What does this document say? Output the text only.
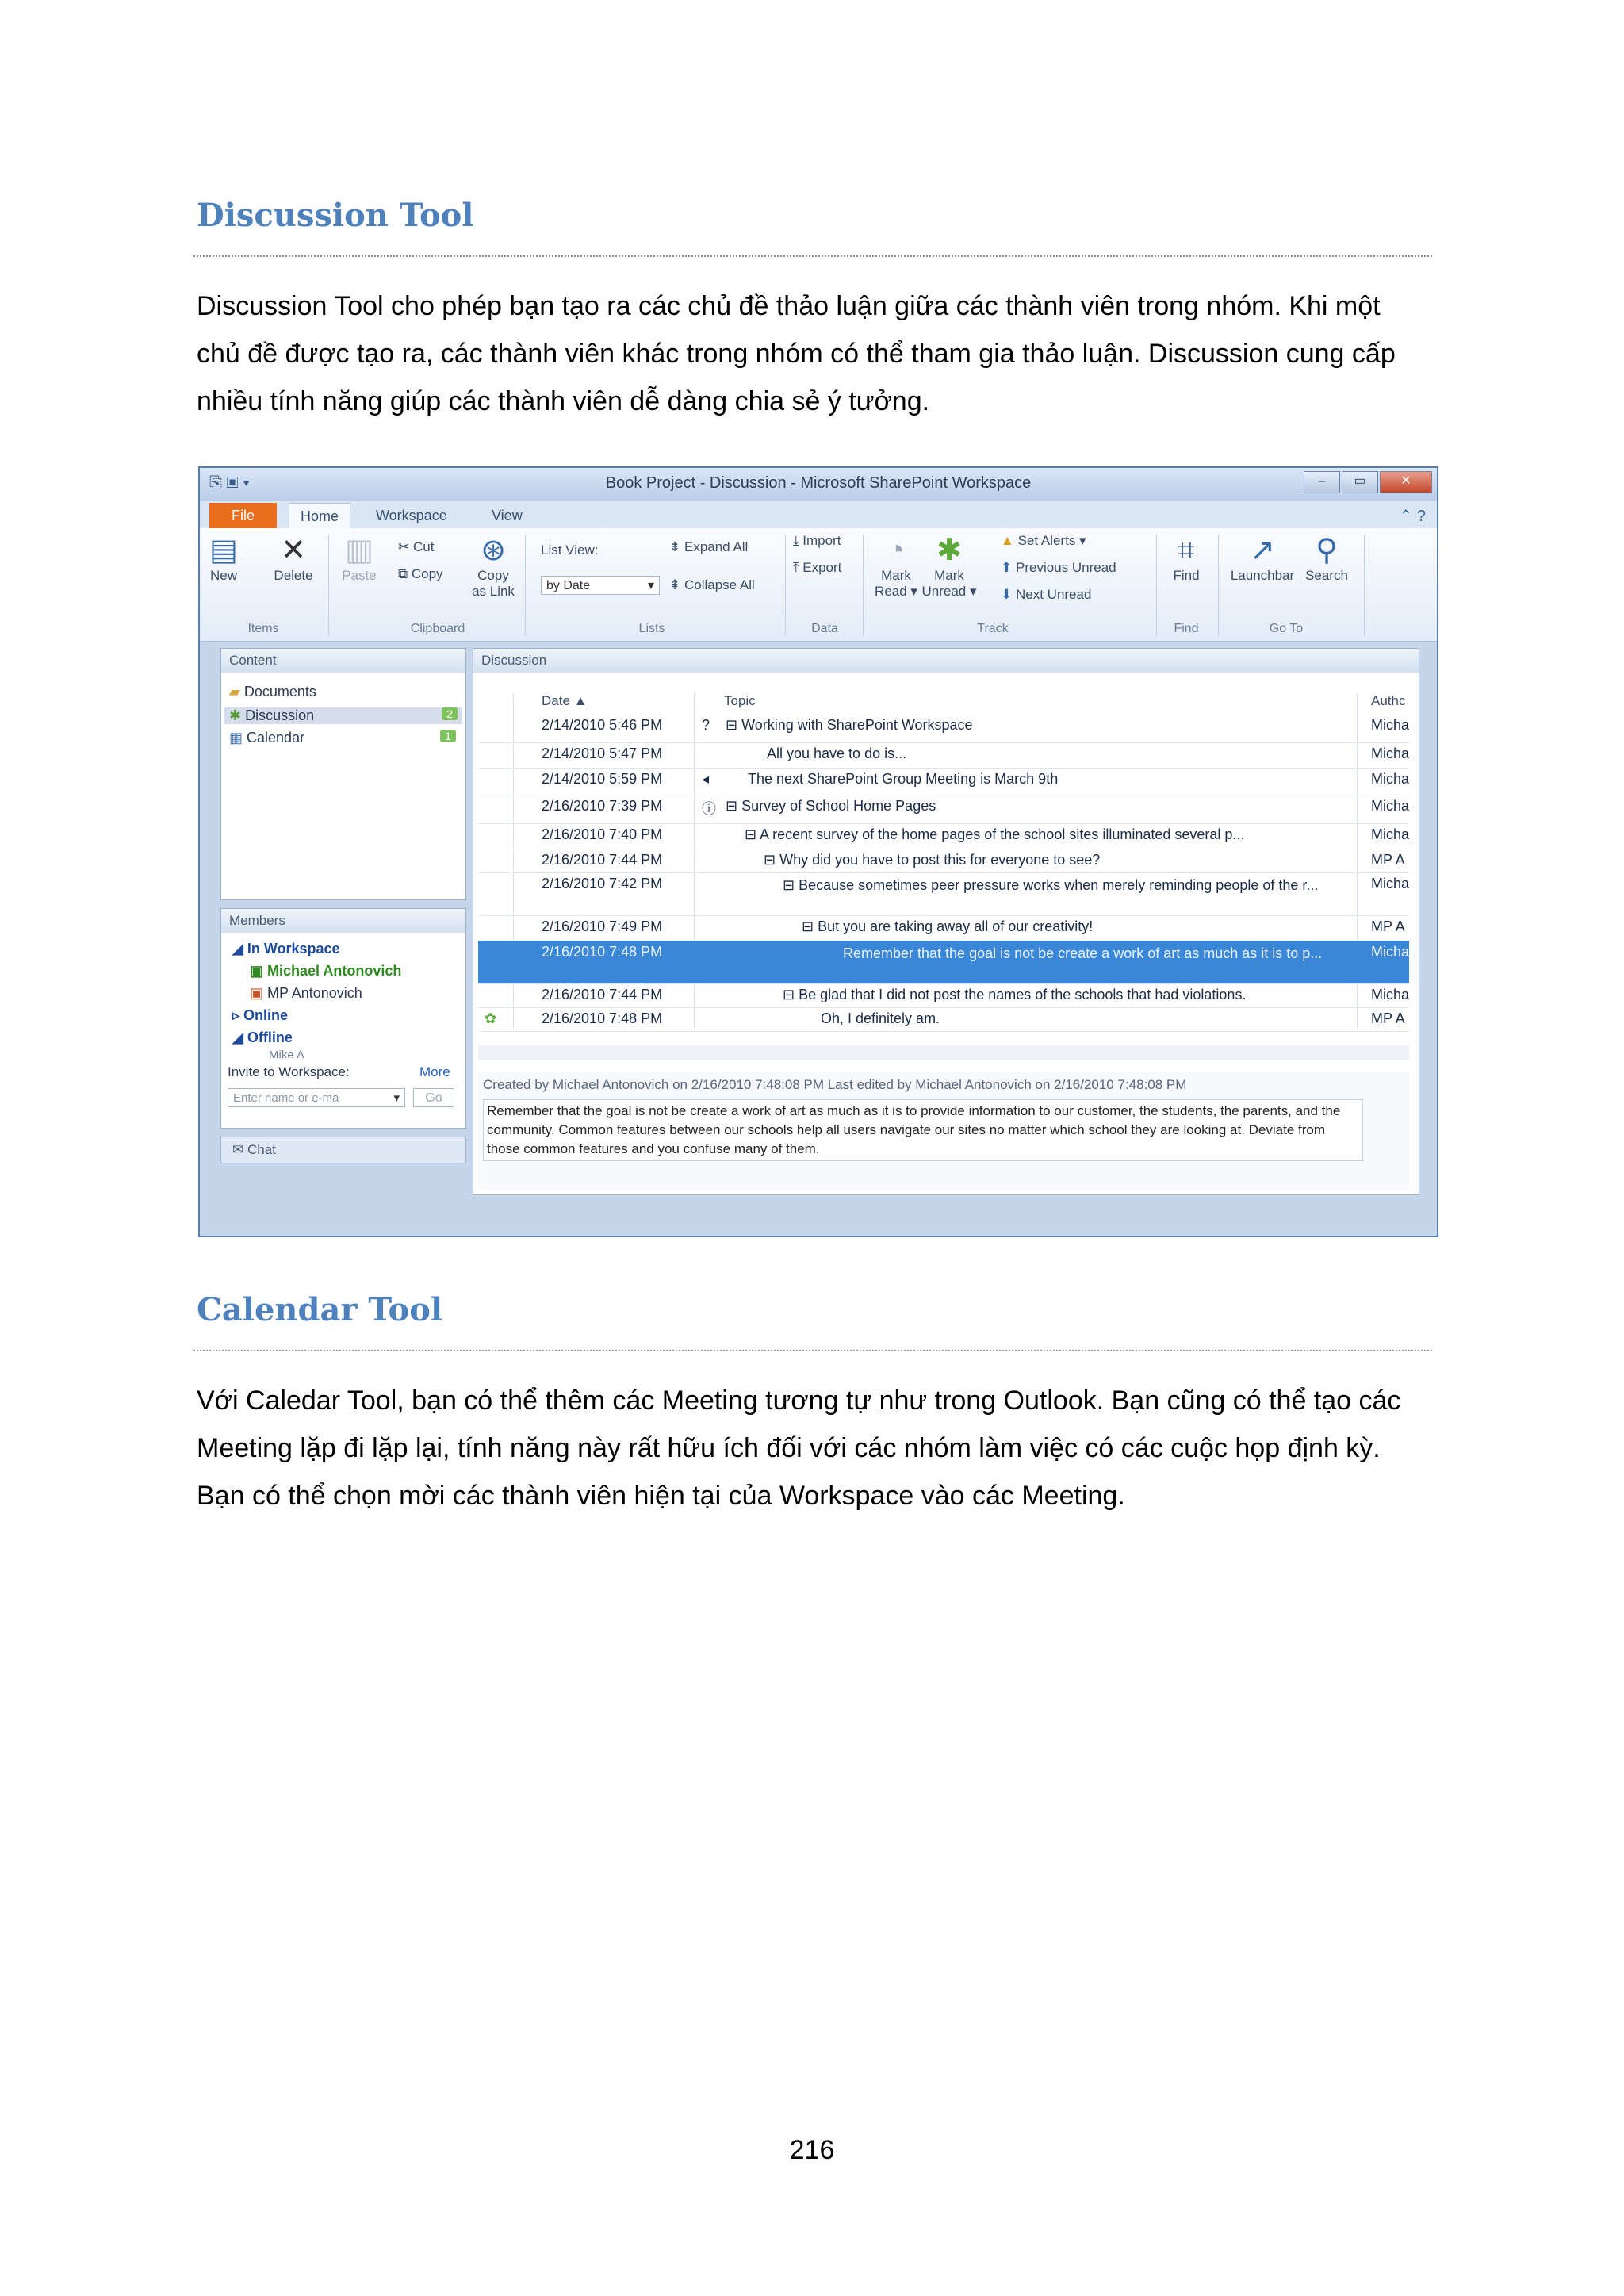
Discussion Tool
Discussion Tool cho phép bạn tạo ra các chủ đề thảo luận giữa các thành viên trong nhóm. Khi một
chủ đề được tạo ra, các thành viên khác trong nhóm có thể tham gia thảo luận. Discussion cung cấp
nhiều tính năng giúp các thành viên dễ dàng chia sẻ ý tưởng.
⎘ ▣ ▾	Book Project - Discussion - Microsoft SharePoint Workspace	–	▭	✕
File	Home	Workspace	View	⌃ ?
▤
New
✕
Delete
Items
▥
Paste
✂ Cut
⧉ Copy
⊛
Copy
as Link
Clipboard
List View:
by Date	▾
⇟ Expand All
⇞ Collapse All
Lists
⤓ Import
⤒ Export
Data
◔
Mark
Read ▾
✱
Mark
Unread ▾
▲ Set Alerts ▾
⬆ Previous Unread
⬇ Next Unread
Track
⌗
Find
Find
↗
Launchbar
⚲
Search
Go To
Content
▰ Documents
✱ Discussion	2
▦ Calendar	1
Members
◢ In Workspace
▣ Michael Antonovich
▣ MP Antonovich
▹ Online
◢ Offline
Mike A
Invite to Workspace:	More
Enter name or e-ma	▾	Go
✉ Chat
Discussion
Date ▲	Topic	Authc
2/14/2010 5:46 PM	? ⊟ Working with SharePoint Workspace	Micha
2/14/2010 5:47 PM	All you have to do is...	Micha
2/14/2010 5:59 PM	◂	The next SharePoint Group Meeting is March 9th	Micha
2/16/2010 7:39 PM	ⓘ ⊟ Survey of School Home Pages	Micha
2/16/2010 7:40 PM	⊟ A recent survey of the home pages of the school sites illuminated several p...	Micha
2/16/2010 7:44 PM	⊟ Why did you have to post this for everyone to see?	MP A
2/16/2010 7:42 PM	⊟ Because sometimes peer pressure works when merely reminding people of the r...	Micha
2/16/2010 7:49 PM	⊟ But you are taking away all of our creativity!	MP A
2/16/2010 7:48 PM	Remember that the goal is not be create a work of art as much as it is to p...	Micha
2/16/2010 7:44 PM	⊟ Be glad that I did not post the names of the schools that had violations.	Micha
✿	2/16/2010 7:48 PM	Oh, I definitely am.	MP A
Created by Michael Antonovich on 2/16/2010 7:48:08 PM Last edited by Michael Antonovich on 2/16/2010 7:48:08 PM
Remember that the goal is not be create a work of art as much as it is to provide information to our customer, the students, the parents, and the community. Common features between our schools help all users navigate our sites no matter which school they are looking at. Deviate from those common features and you confuse many of them.
Calendar Tool
Với Caledar Tool, bạn có thể thêm các Meeting tương tự như trong Outlook. Bạn cũng có thể tạo các
Meeting lặp đi lặp lại, tính năng này rất hữu ích đối với các nhóm làm việc có các cuộc họp định kỳ.
Bạn có thể chọn mời các thành viên hiện tại của Workspace vào các Meeting.
216
